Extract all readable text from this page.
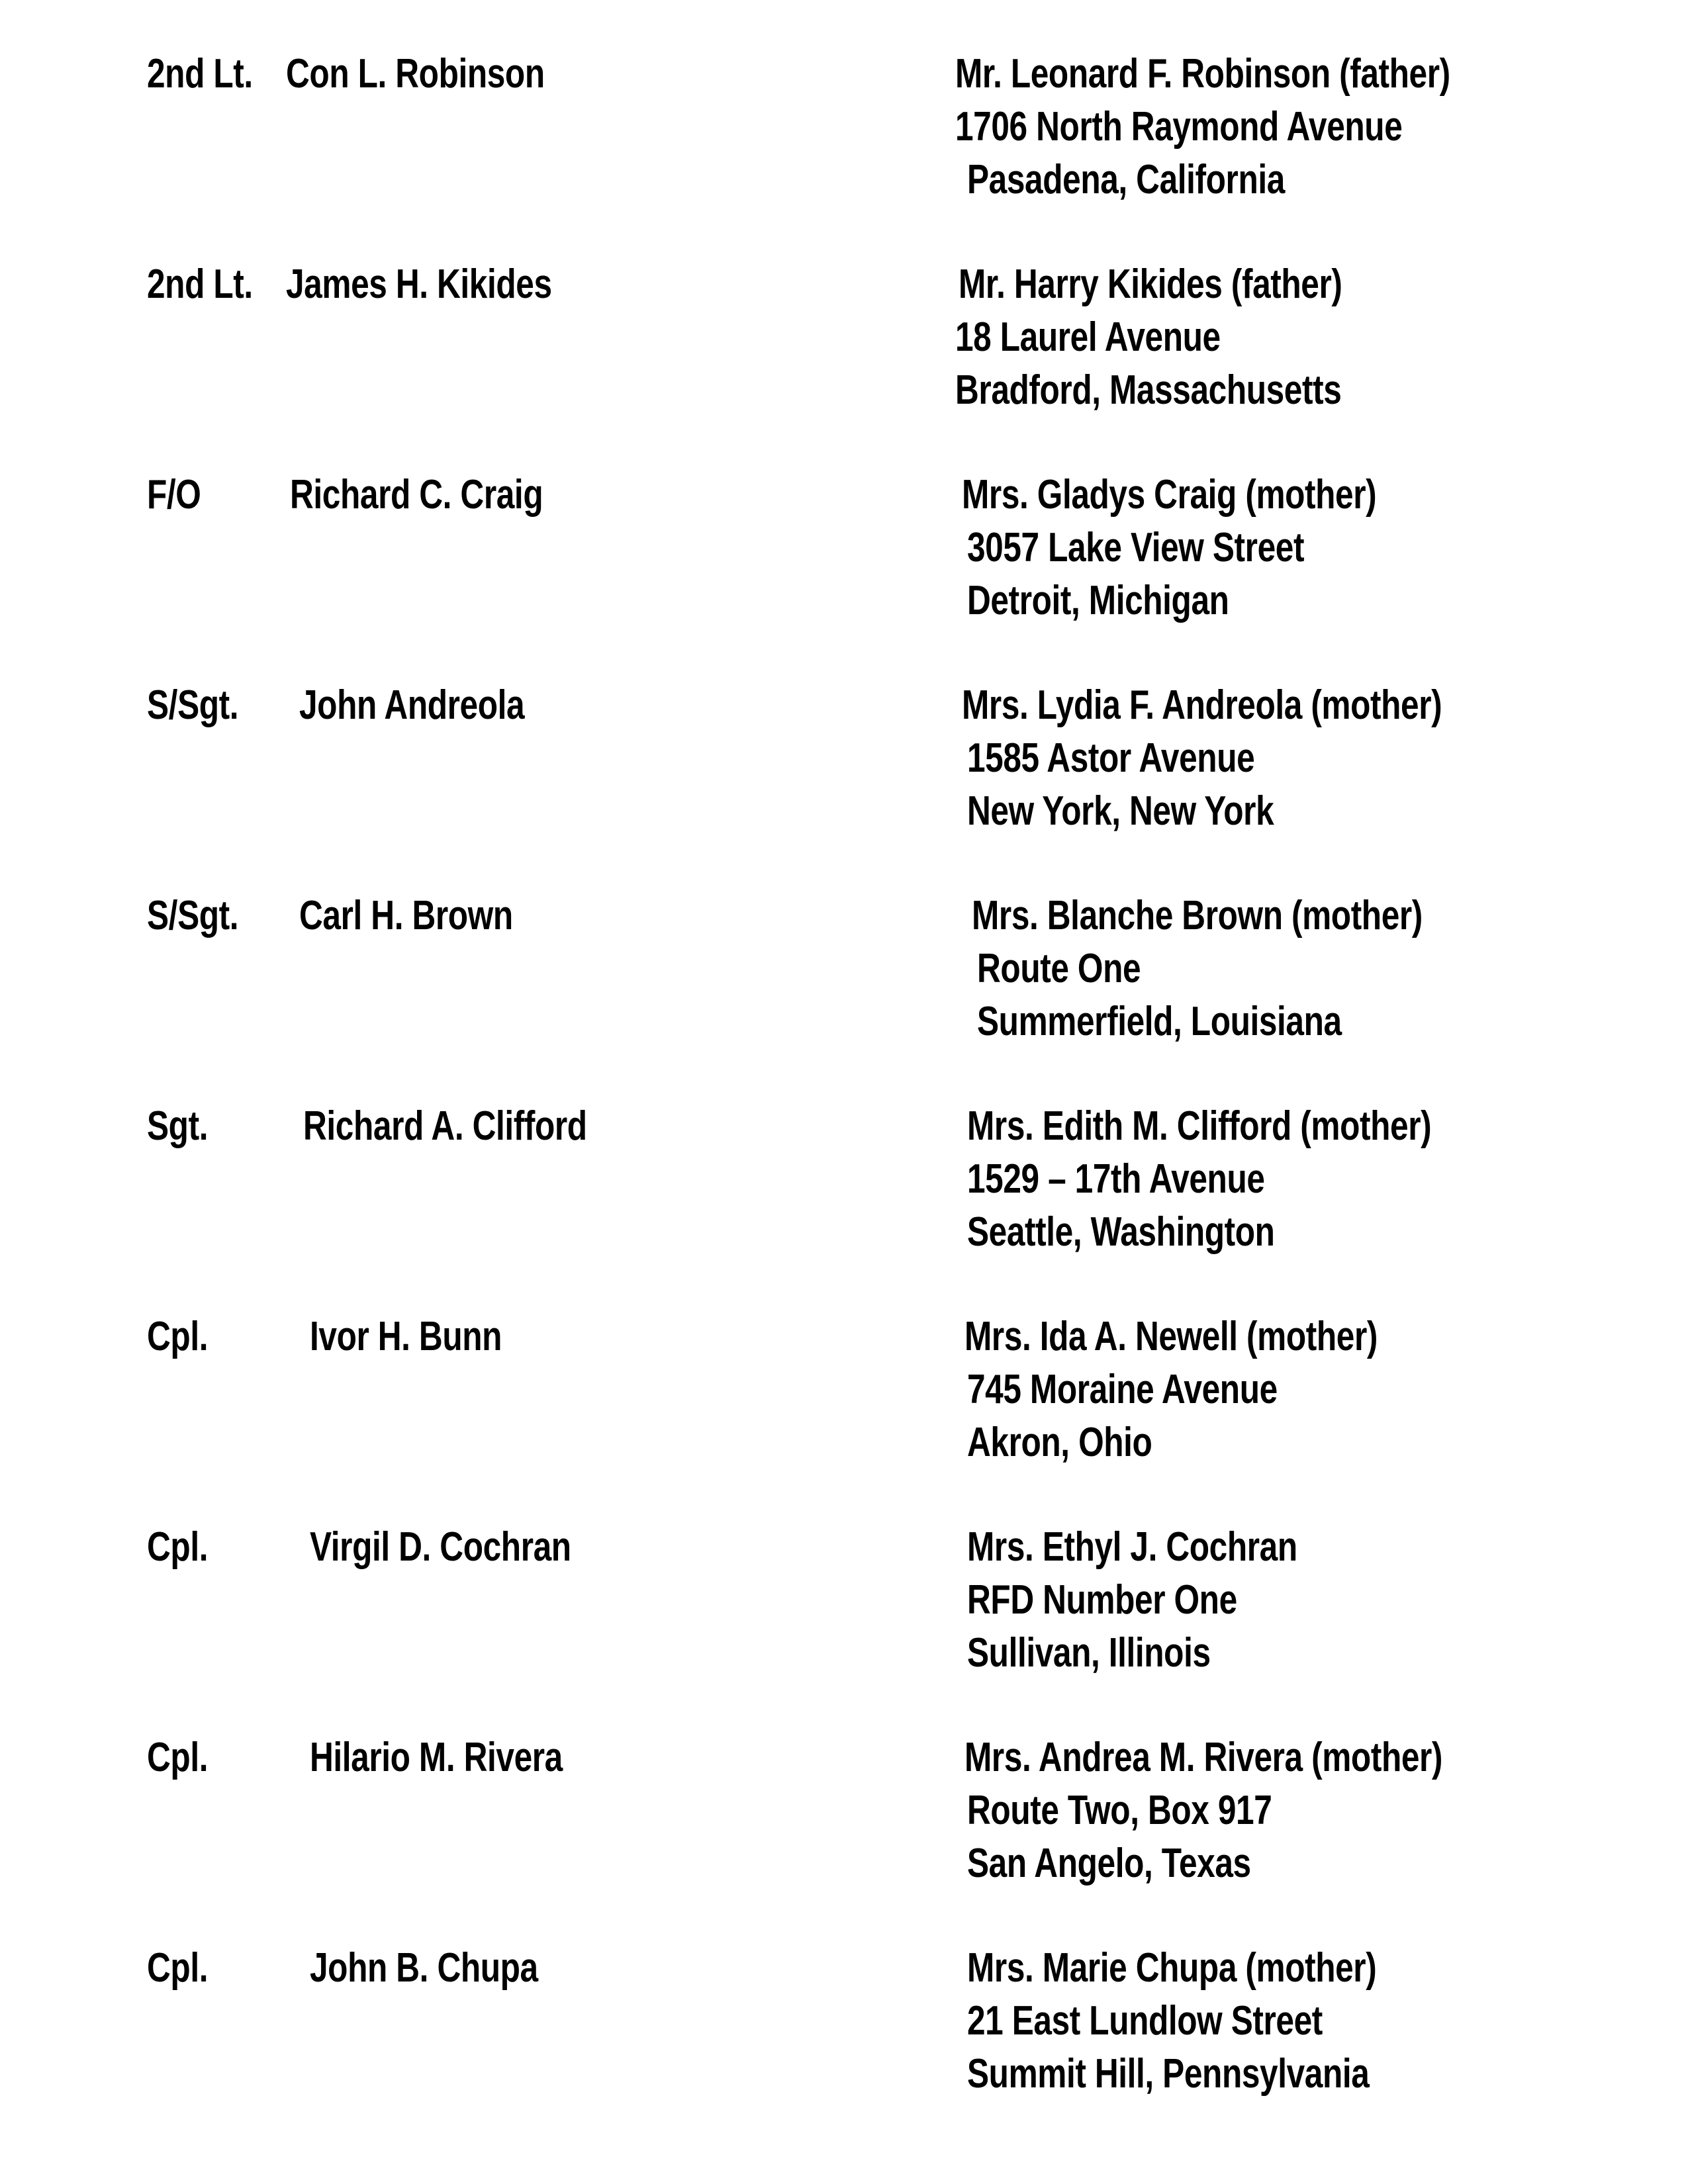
2nd Lt. Con L. Robinson	Mr. Leonard F. Robinson (father)
1706 North Raymond Avenue
Pasadena, California
2nd Lt. James H. Kikides	Mr. Harry Kikides (father)
18 Laurel Avenue
Bradford, Massachusetts
F/O Richard C. Craig	Mrs. Gladys Craig (mother)
3057 Lake View Street
Detroit, Michigan
S/Sgt. John Andreola	Mrs. Lydia F. Andreola (mother)
1585 Astor Avenue
New York, New York
S/Sgt. Carl H. Brown	Mrs. Blanche Brown (mother)
Route One
Summerfield, Louisiana
Sgt. Richard A. Clifford	Mrs. Edith M. Clifford (mother)
1529 – 17th Avenue
Seattle, Washington
Cpl. Ivor H. Bunn	Mrs. Ida A. Newell (mother)
745 Moraine Avenue
Akron, Ohio
Cpl. Virgil D. Cochran	Mrs. Ethyl J. Cochran
RFD Number One
Sullivan, Illinois
Cpl. Hilario M. Rivera	Mrs. Andrea M. Rivera (mother)
Route Two, Box 917
San Angelo, Texas
Cpl. John B. Chupa	Mrs. Marie Chupa (mother)
21 East Lundlow Street
Summit Hill, Pennsylvania
